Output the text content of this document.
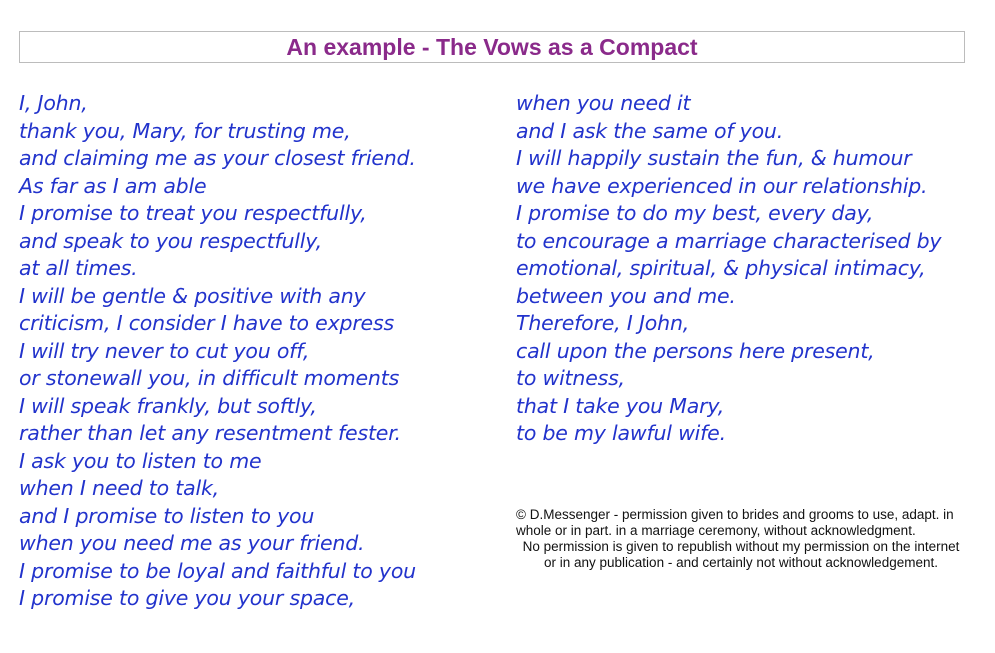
An example - The Vows as a Compact
I, John,
thank you, Mary, for trusting me,
and claiming me as your closest friend.
As far as I am able
I promise to treat you respectfully,
and speak to you respectfully,
at all times.
I will be gentle & positive with any
criticism, I consider I have to express
I will try never to cut you off,
or stonewall you, in difficult moments
I will speak frankly, but softly,
rather than let any resentment fester.
I ask you to listen to me
when I need to talk,
and I promise to listen to you
when you need me as your friend.
I promise to be loyal and faithful to you
I promise to give you your space,
when you need it
and I ask the same of you.
I will happily sustain the fun, & humour
we have experienced in our relationship.
I promise to do my best, every day,
to encourage a marriage characterised by
emotional, spiritual, & physical intimacy,
between you and me.
Therefore, I John,
call upon the persons here present,
to witness,
that I take you Mary,
to be my lawful wife.

© D.Messenger - permission given to brides and grooms to use, adapt. in whole or in part. in a marriage ceremony, without acknowledgment.

No permission is given to republish without my permission on the internet or in any publication - and certainly not without acknowledgement.
